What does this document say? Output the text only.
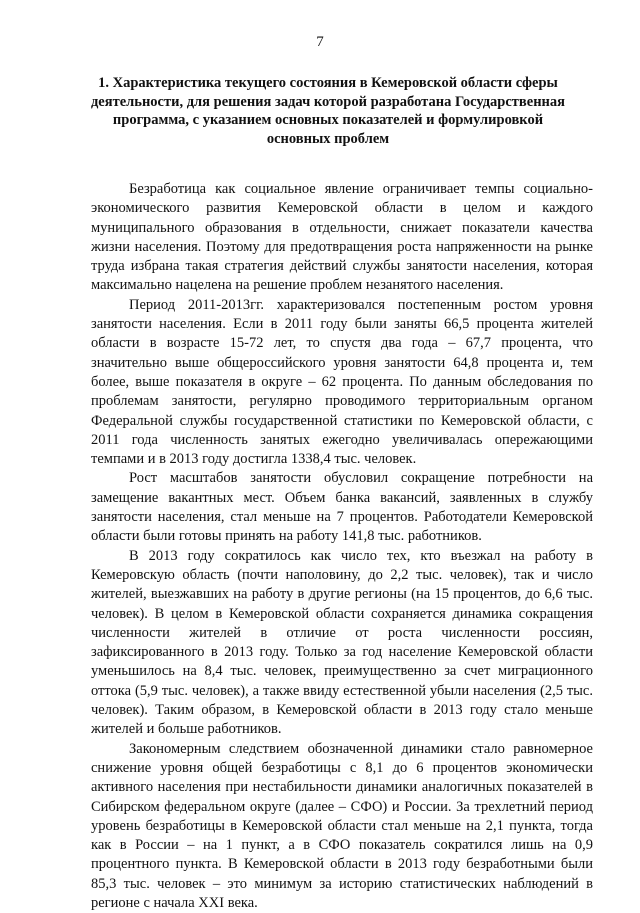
7
1. Характеристика текущего состояния в Кемеровской области сферы деятельности, для решения задач которой разработана Государственная программа, с указанием основных показателей и формулировкой основных проблем

Безработица как социальное явление ограничивает темпы социально-экономического развития Кемеровской области в целом и каждого муниципального образования в отдельности, снижает показатели качества жизни населения. Поэтому для предотвращения роста напряженности на рынке труда избрана такая стратегия действий службы занятости населения, которая максимально нацелена на решение проблем незанятого населения.

Период 2011-2013гг. характеризовался постепенным ростом уровня занятости населения. Если в 2011 году были заняты 66,5 процента жителей области в возрасте 15-72 лет, то спустя два года – 67,7 процента, что значительно выше общероссийского уровня занятости 64,8 процента и, тем более, выше показателя в округе – 62 процента. По данным обследования по проблемам занятости, регулярно проводимого территориальным органом Федеральной службы государственной статистики по Кемеровской области, с 2011 года численность занятых ежегодно увеличивалась опережающими темпами и в 2013 году достигла 1338,4 тыс. человек.

Рост масштабов занятости обусловил сокращение потребности на замещение вакантных мест. Объем банка вакансий, заявленных в службу занятости населения, стал меньше на 7 процентов. Работодатели Кемеровской области были готовы принять на работу 141,8 тыс. работников.

В 2013 году сократилось как число тех, кто въезжал на работу в Кемеровскую область (почти наполовину, до 2,2 тыс. человек), так и число жителей, выезжавших на работу в другие регионы (на 15 процентов, до 6,6 тыс. человек). В целом в Кемеровской области сохраняется динамика сокращения численности жителей в отличие от роста численности россиян, зафиксированного в 2013 году. Только за год население Кемеровской области уменьшилось на 8,4 тыс. человек, преимущественно за счет миграционного оттока (5,9 тыс. человек), а также ввиду естественной убыли населения (2,5 тыс. человек). Таким образом, в Кемеровской области в 2013 году стало меньше жителей и больше работников.

Закономерным следствием обозначенной динамики стало равномерное снижение уровня общей безработицы с 8,1 до 6 процентов экономически активного населения при нестабильности динамики аналогичных показателей в Сибирском федеральном округе (далее – СФО) и России. За трехлетний период уровень безработицы в Кемеровской области стал меньше на 2,1 пункта, тогда как в России – на 1 пункт, а в СФО показатель сократился лишь на 0,9 процентного пункта. В Кемеровской области в 2013 году безработными были 85,3 тыс. человек – это минимум за историю статистических наблюдений в регионе с начала XXI века.
